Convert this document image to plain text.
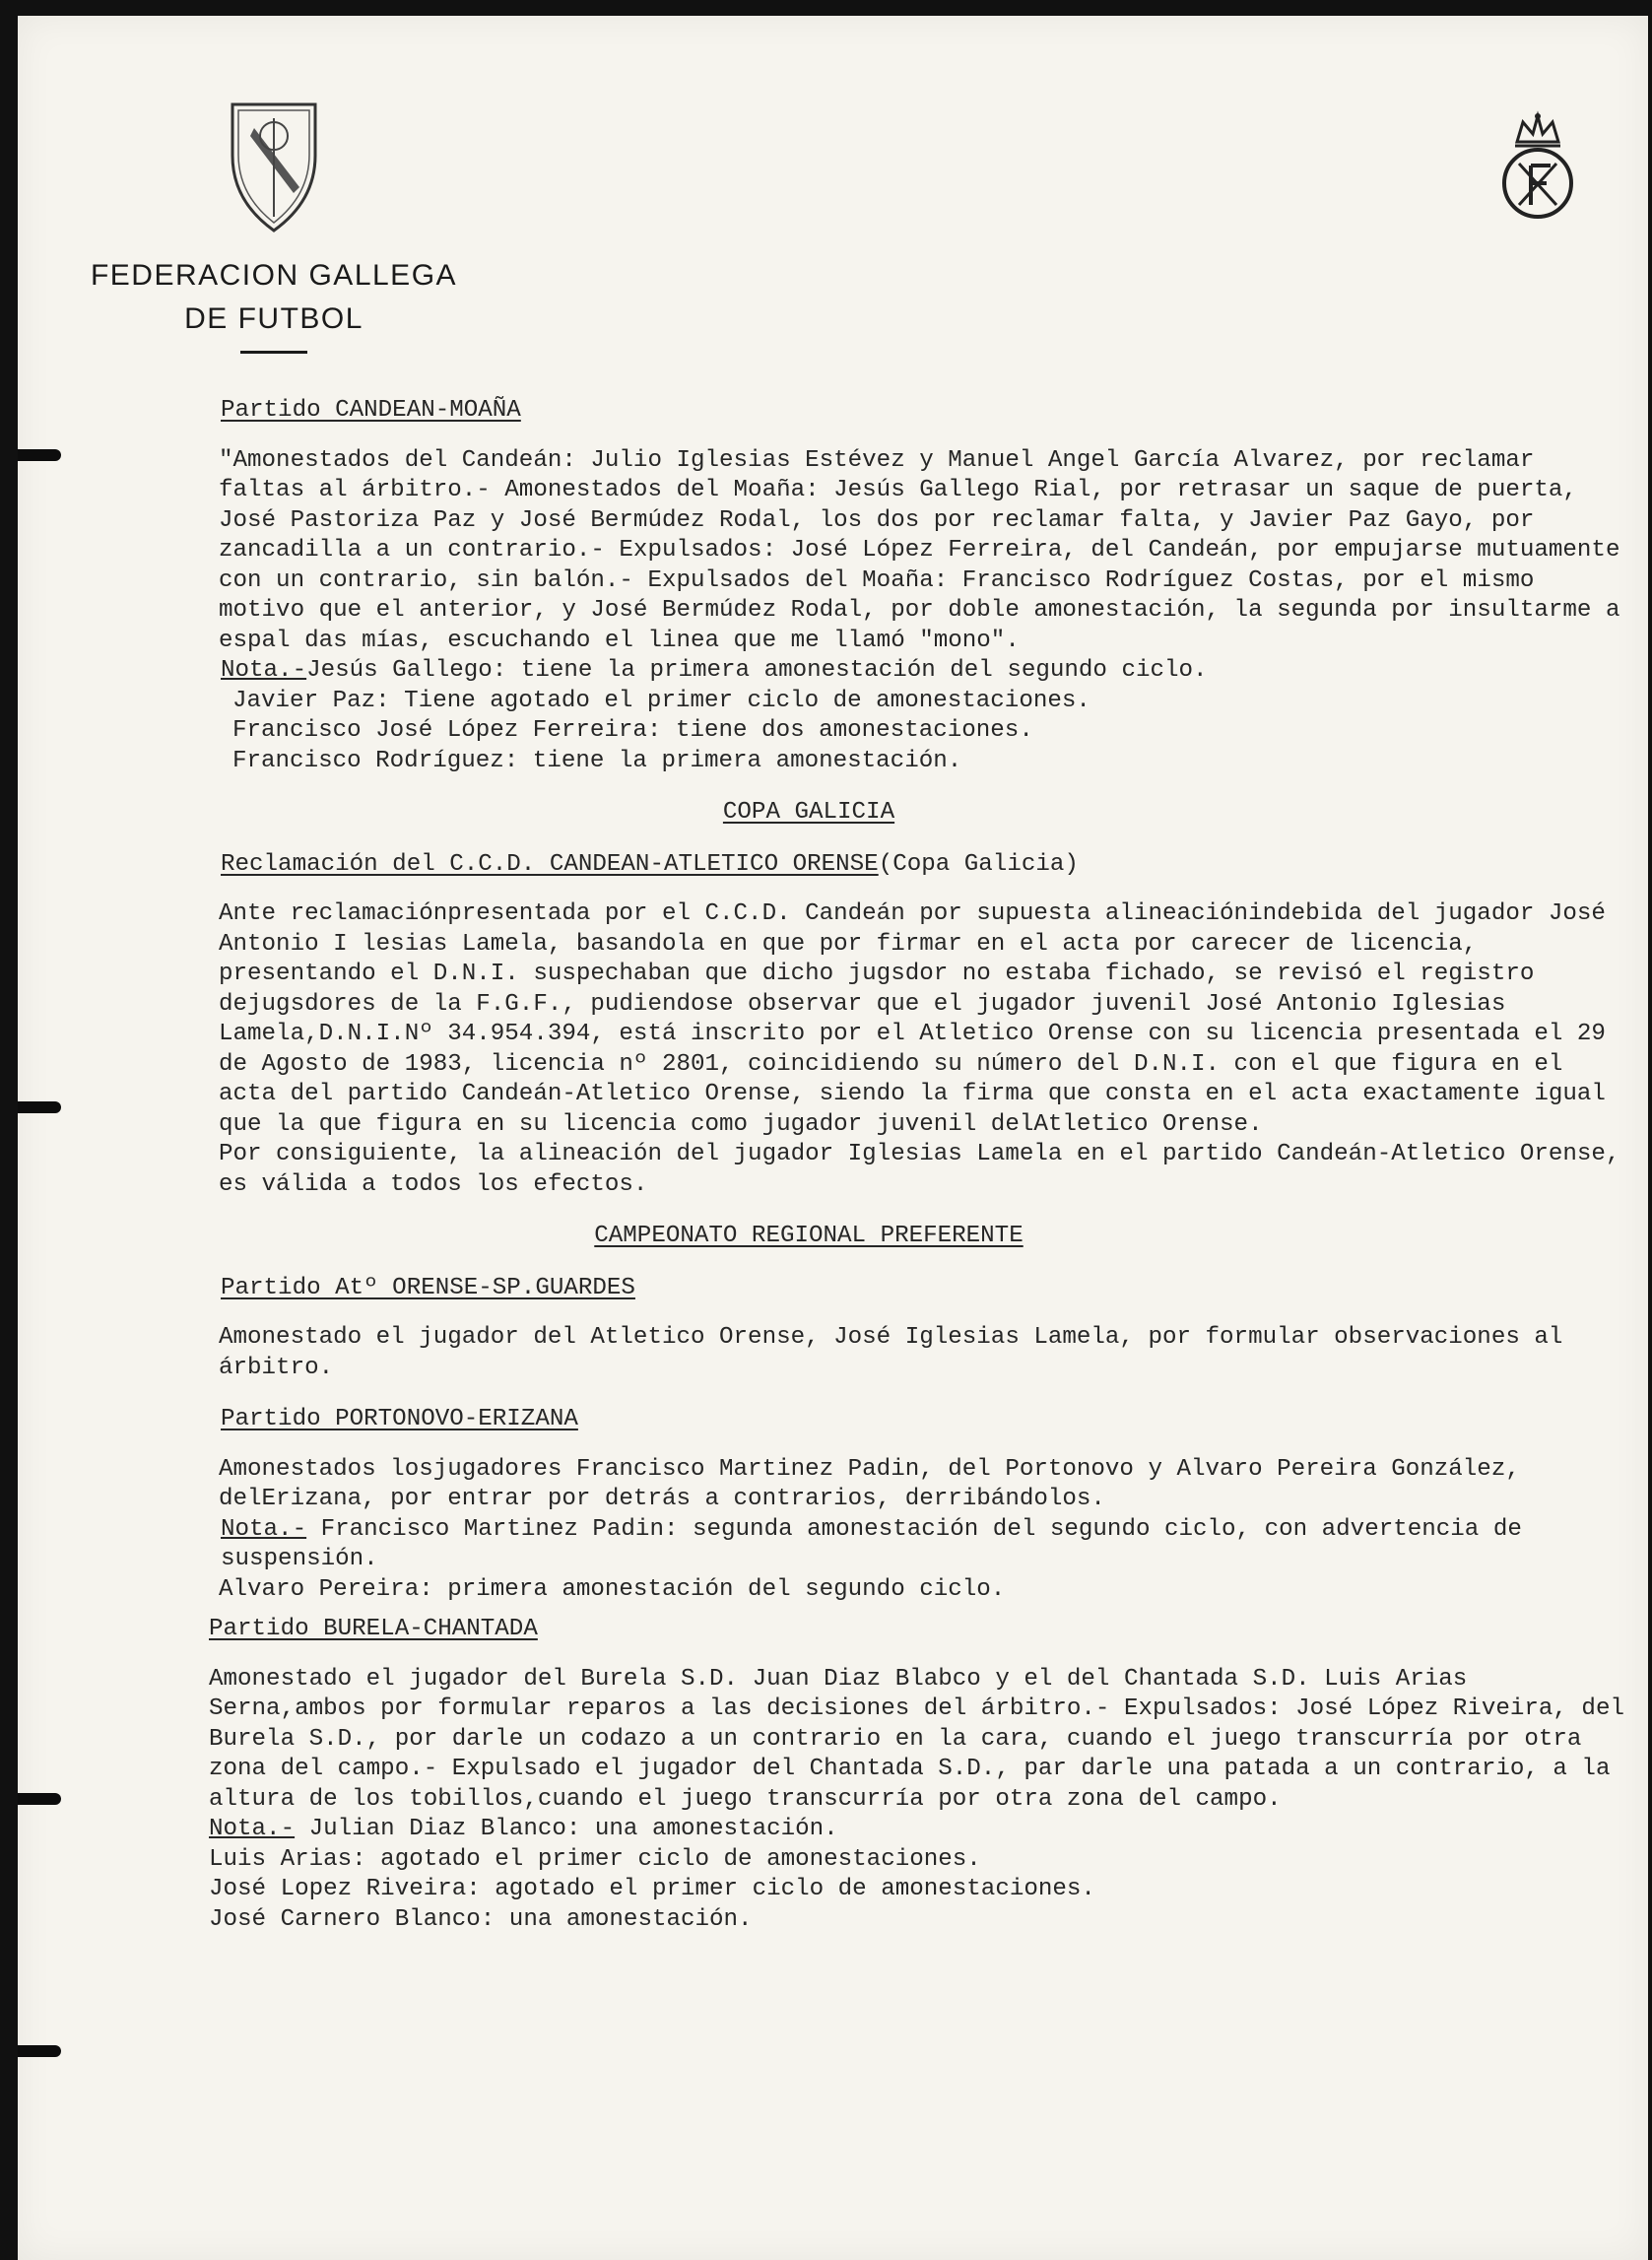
FEDERACION GALLEGA
DE FUTBOL
Partido CANDEAN-MOAÑA
"Amonestados del Candeán: Julio Iglesias Estévez y Manuel Angel García Alvarez, por reclamar faltas al árbitro.- Amonestados del Moaña: Jesús Gallego Rial, por retrasar un saque de puerta, José Pastoriza Paz y José Bermúdez Rodal, los dos por reclamar falta, y Javier Paz Gayo, por zancadilla a un contrario.- Expulsados: José López Ferreira, del Candeán, por empujarse mutuamente con un contrario, sin balón.- Expulsados del Moaña: Francisco Rodríguez Costas, por el mismo motivo que el anterior, y José Bermúdez Rodal, por doble amonestación, la segunda por insultarme a espal das mías, escuchando el linea que me llamó "mono".
Nota.-Jesús Gallego: tiene la primera amonestación del segundo ciclo.
Javier Paz: Tiene agotado el primer ciclo de amonestaciones.
Francisco José López Ferreira: tiene dos amonestaciones.
Francisco Rodríguez: tiene la primera amonestación.
COPA GALICIA
Reclamación del C.C.D. CANDEAN-ATLETICO ORENSE(Copa Galicia)
Ante reclamaciónpresentada por el C.C.D. Candeán por supuesta alineaciónindebida del jugador José Antonio I lesias Lamela, basandola en que por firmar en el acta por carecer de licencia, presentando el D.N.I. suspechaban que dicho jugsdor no estaba fichado, se revisó el registro dejugsdores de la F.G.F., pudiendose observar que el jugador juvenil José Antonio Iglesias Lamela,D.N.I.Nº 34.954.394, está inscrito por el Atletico Orense con su licencia presentada el 29 de Agosto de 1983, licencia nº 2801, coincidiendo su número del D.N.I. con el que figura en el acta del partido Candeán-Atletico Orense, siendo la firma que consta en el acta exactamente igual que la que figura en su licencia como jugador juvenil delAtletico Orense.
Por consiguiente, la alineación del jugador Iglesias Lamela en el partido Candeán-Atletico Orense, es válida a todos los efectos.
CAMPEONATO REGIONAL PREFERENTE
Partido Atº ORENSE-SP.GUARDES
Amonestado el jugador del Atletico Orense, José Iglesias Lamela, por formular observaciones al árbitro.
Partido PORTONOVO-ERIZANA
Amonestados losjugadores Francisco Martinez Padin, del Portonovo y Alvaro Pereira González, delErizana, por entrar por detrás a contrarios, derribándolos.
Nota.- Francisco Martinez Padin: segunda amonestación del segundo ciclo, con advertencia de suspensión.
Alvaro Pereira: primera amonestación del segundo ciclo.
Partido BURELA-CHANTADA
Amonestado el jugador del Burela S.D. Juan Diaz Blabco y el del Chantada S.D. Luis Arias Serna,ambos por formular reparos a las decisiones del árbitro.- Expulsados: José López Riveira, del Burela S.D., por darle un codazo a un contrario en la cara, cuando el juego transcurría por otra zona del campo.- Expulsado el jugador del Chantada S.D., par darle una patada a un contrario, a la altura de los tobillos,cuando el juego transcurría por otra zona del campo.
Nota.- Julian Diaz Blanco: una amonestación.
Luis Arias: agotado el primer ciclo de amonestaciones.
José Lopez Riveira: agotado el primer ciclo de amonestaciones.
José Carnero Blanco: una amonestación.
